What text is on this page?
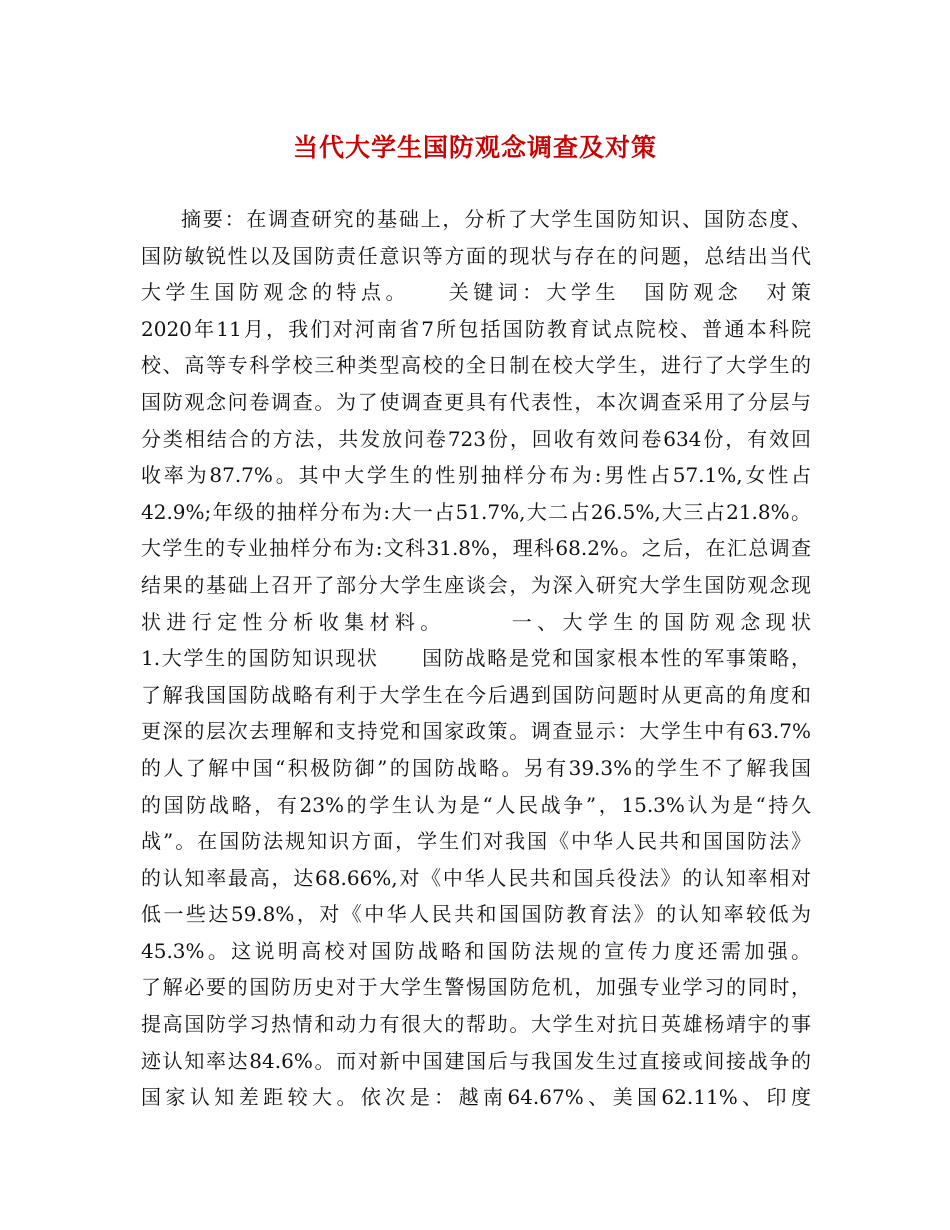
当代大学生国防观念调查及对策
摘要：在调查研究的基础上，分析了大学生国防知识、国防态度、
国防敏锐性以及国防责任意识等方面的现状与存在的问题，总结出当代
大学生国防观念的特点。　　关键词：大学生　国防观念　对策
2020年11月，我们对河南省7所包括国防教育试点院校、普通本科院
校、高等专科学校三种类型高校的全日制在校大学生，进行了大学生的
国防观念问卷调查。为了使调查更具有代表性，本次调查采用了分层与
分类相结合的方法，共发放问卷723份，回收有效问卷634份，有效回
收率为87.7%。其中大学生的性别抽样分布为:男性占57.1%,女性占
42.9%;年级的抽样分布为:大一占51.7%,大二占26.5%,大三占21.8%。
大学生的专业抽样分布为:文科31.8%，理科68.2%。之后，在汇总调查
结果的基础上召开了部分大学生座谈会，为深入研究大学生国防观念现
状进行定性分析收集材料。　　　一、大学生的国防观念现状
1.大学生的国防知识现状　　国防战略是党和国家根本性的军事策略，
了解我国国防战略有利于大学生在今后遇到国防问题时从更高的角度和
更深的层次去理解和支持党和国家政策。调查显示：大学生中有63.7%
的人了解中国“积极防御”的国防战略。另有39.3%的学生不了解我国
的国防战略，有23%的学生认为是“人民战争”，15.3%认为是“持久
战”。在国防法规知识方面，学生们对我国《中华人民共和国国防法》
的认知率最高，达68.66%,对《中华人民共和国兵役法》的认知率相对
低一些达59.8%，对《中华人民共和国国防教育法》的认知率较低为
45.3%。这说明高校对国防战略和国防法规的宣传力度还需加强。
了解必要的国防历史对于大学生警惕国防危机，加强专业学习的同时，
提高国防学习热情和动力有很大的帮助。大学生对抗日英雄杨靖宇的事
迹认知率达84.6%。而对新中国建国后与我国发生过直接或间接战争的
国家认知差距较大。依次是：越南64.67%、美国62.11%、印度
